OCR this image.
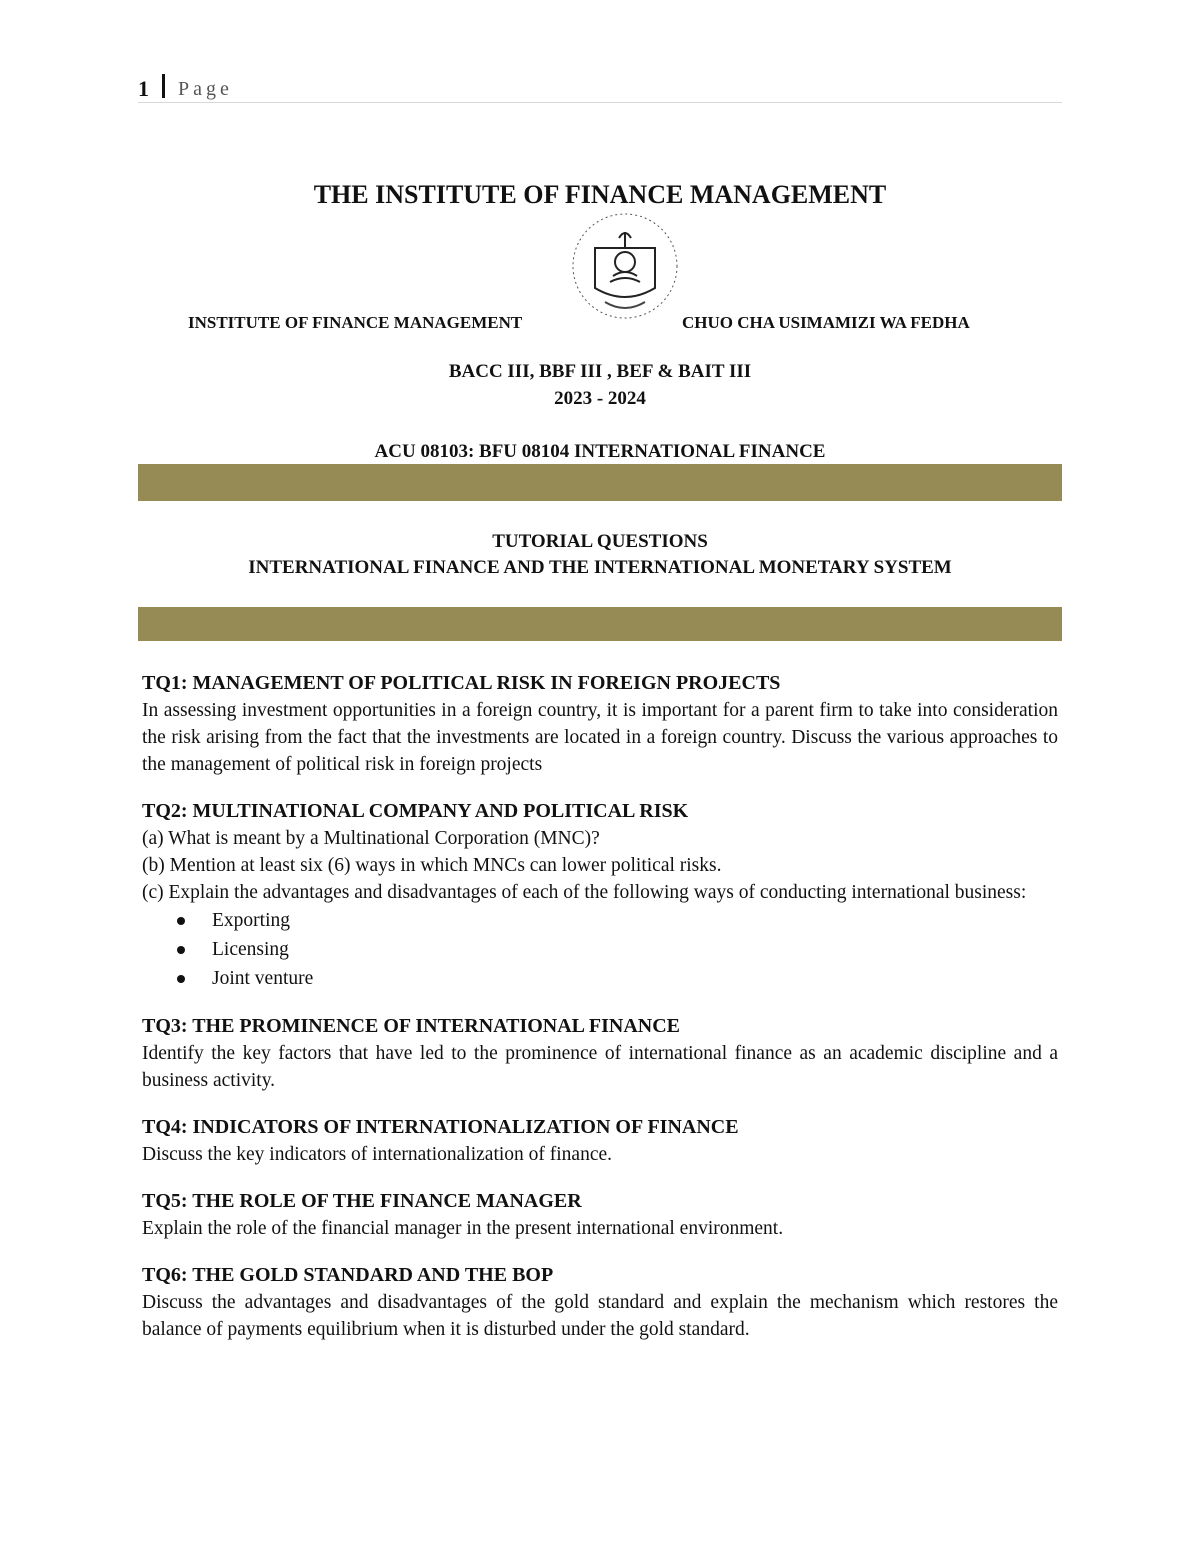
1 Page
THE INSTITUTE OF FINANCE MANAGEMENT
INSTITUTE OF FINANCE MANAGEMENT	CHUO CHA USIMAMIZI WA FEDHA
BACC III, BBF III , BEF & BAIT III
2023 - 2024
ACU 08103: BFU 08104 INTERNATIONAL FINANCE
TUTORIAL QUESTIONS
INTERNATIONAL FINANCE AND THE INTERNATIONAL MONETARY SYSTEM
TQ1: MANAGEMENT OF POLITICAL RISK IN FOREIGN PROJECTS

In assessing investment opportunities in a foreign country, it is important for a parent firm to take into consideration the risk arising from the fact that the investments are located in a foreign country. Discuss the various approaches to the management of political risk in foreign projects

TQ2: MULTINATIONAL COMPANY AND POLITICAL RISK

(a) What is meant by a Multinational Corporation (MNC)?

(b) Mention at least six (6) ways in which MNCs can lower political risks.

(c) Explain the advantages and disadvantages of each of the following ways of conducting international business:

Exporting
Licensing
Joint venture
TQ3: THE PROMINENCE OF INTERNATIONAL FINANCE

Identify the key factors that have led to the prominence of international finance as an academic discipline and a business activity.

TQ4: INDICATORS OF INTERNATIONALIZATION OF FINANCE

Discuss the key indicators of internationalization of finance.

TQ5: THE ROLE OF THE FINANCE MANAGER

Explain the role of the financial manager in the present international environment.

TQ6: THE GOLD STANDARD AND THE BOP

Discuss the advantages and disadvantages of the gold standard and explain the mechanism which restores the balance of payments equilibrium when it is disturbed under the gold standard.
